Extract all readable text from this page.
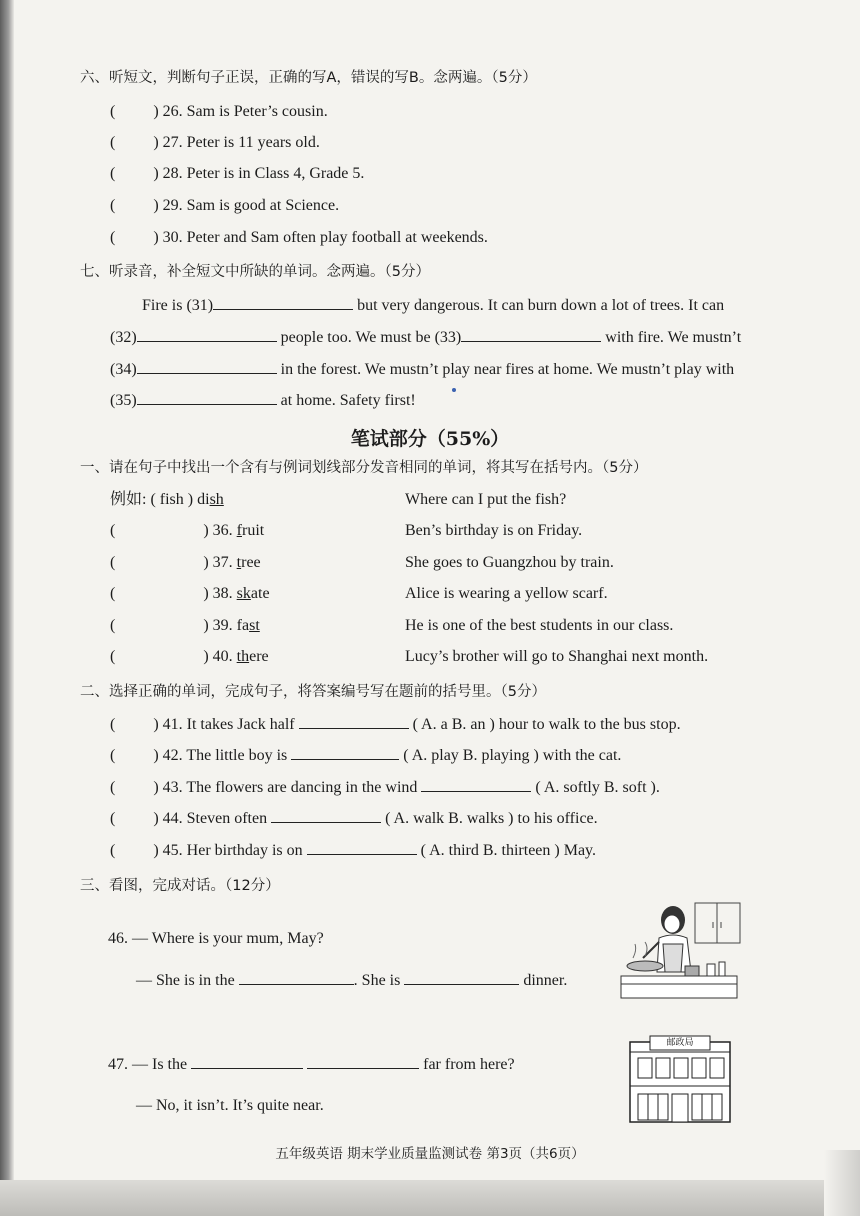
六、听短文，判断句子正误，正确的写A，错误的写B。念两遍。（5分）
( ) 26. Sam is Peter’s cousin.
( ) 27. Peter is 11 years old.
( ) 28. Peter is in Class 4, Grade 5.
( ) 29. Sam is good at Science.
( ) 30. Peter and Sam often play football at weekends.
七、听录音，补全短文中所缺的单词。念两遍。（5分）
Fire is (31)	but very dangerous. It can burn down a lot of trees. It can
(32)	people too. We must be (33)	with fire. We mustn’t
(34)	in the forest. We mustn’t play near fires at home. We mustn’t play with
(35)	at home. Safety first!
笔试部分（55%）
一、请在句子中找出一个含有与例词划线部分发音相同的单词，将其写在括号内。（5分）
例如: ( fish ) dish	Where can I put the fish?
(	) 36. fruit	Ben’s birthday is on Friday.
(	) 37. tree	She goes to Guangzhou by train.
(	) 38. skate	Alice is wearing a yellow scarf.
(	) 39. fast	He is one of the best students in our class.
(	) 40. there	Lucy’s brother will go to Shanghai next month.
二、选择正确的单词，完成句子，将答案编号写在题前的括号里。（5分）
( ) 41. It takes Jack half	( A. a B. an ) hour to walk to the bus stop.
( ) 42. The little boy is	( A. play B. playing ) with the cat.
( ) 43. The flowers are dancing in the wind	( A. softly B. soft ).
( ) 44. Steven often	( A. walk B. walks ) to his office.
( ) 45. Her birthday is on	( A. third B. thirteen ) May.
三、看图，完成对话。（12分）
46. — Where is your mum, May?
— She is in the	. She is	dinner.
47. — Is the	far from here?
— No, it isn’t. It’s quite near.
邮政局
五年级英语 期末学业质量监测试卷 第3页（共6页）
